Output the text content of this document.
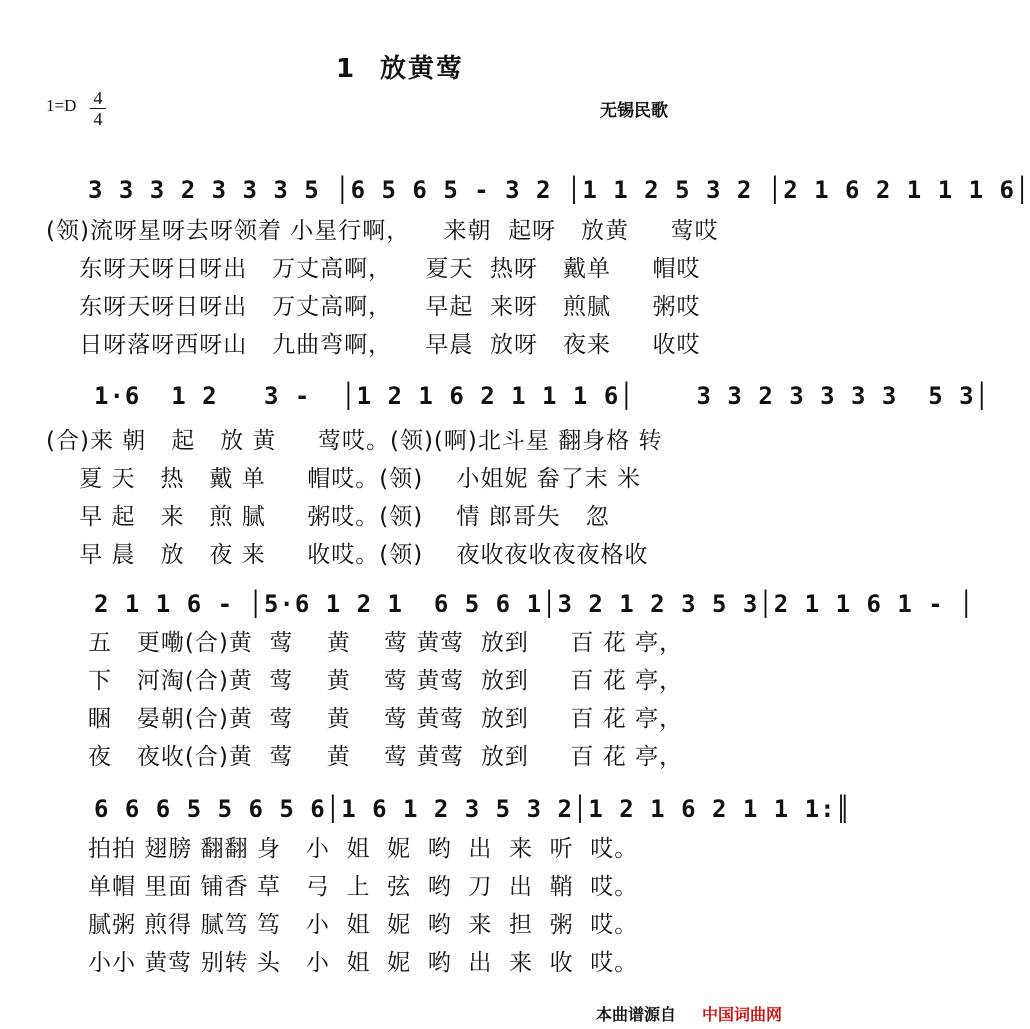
1 放黄莺
1=D 4
4	无锡民歌
3 3 3 2 3 3 3 5 │6 5 6 5 - 3 2 │1 1 2 5 3 2 │2 1 6 2 1 1 1 6│
(领)流呀星呀去呀领着 小星行啊，    来朝  起呀   放黄     莺哎
东呀天呀日呀出   万丈高啊，    夏天  热呀   戴单     帽哎
东呀天呀日呀出   万丈高啊，    早起  来呀   煎腻     粥哎
日呀落呀西呀山   九曲弯啊，    早晨  放呀   夜来     收哎
1·6  1 2   3 -  │1 2 1 6 2 1 1 1 6│    3 3 2 3 3 3 3  5 3│
(合)来 朝   起   放 黄     莺哎。(领)(啊)北斗星 翻身格 转
夏 天   热   戴 单     帽哎。(领)    小姐妮 畚了末 米
早 起   来   煎 腻     粥哎。(领)    情 郎哥失   忽
早 晨   放   夜 来     收哎。(领)    夜收夜收夜夜格收
2 1 1 6 - │5·6 1 2 1  6 5 6 1│3 2 1 2 3 5 3│2 1 1 6 1 - │
五   更嘞(合)黄  莺    黄    莺 黄莺  放到     百 花 亭，
下   河淘(合)黄  莺    黄    莺 黄莺  放到     百 花 亭，
睏   晏朝(合)黄  莺    黄    莺 黄莺  放到     百 花 亭，
夜   夜收(合)黄  莺    黄    莺 黄莺  放到     百 花 亭，
6 6 6 5 5 6 5 6│1 6 1 2 3 5 3 2│1 2 1 6 2 1 1 1:║
拍拍 翅膀 翻翻 身   小  姐  妮  哟  出  来  听  哎。
单帽 里面 铺香 草   弓  上  弦  哟  刀  出  鞘  哎。
腻粥 煎得 腻笃 笃   小  姐  妮  哟  来  担  粥  哎。
小小 黄莺 别转 头   小  姐  妮  哟  出  来  收  哎。
本曲谱源自 中国词曲网
